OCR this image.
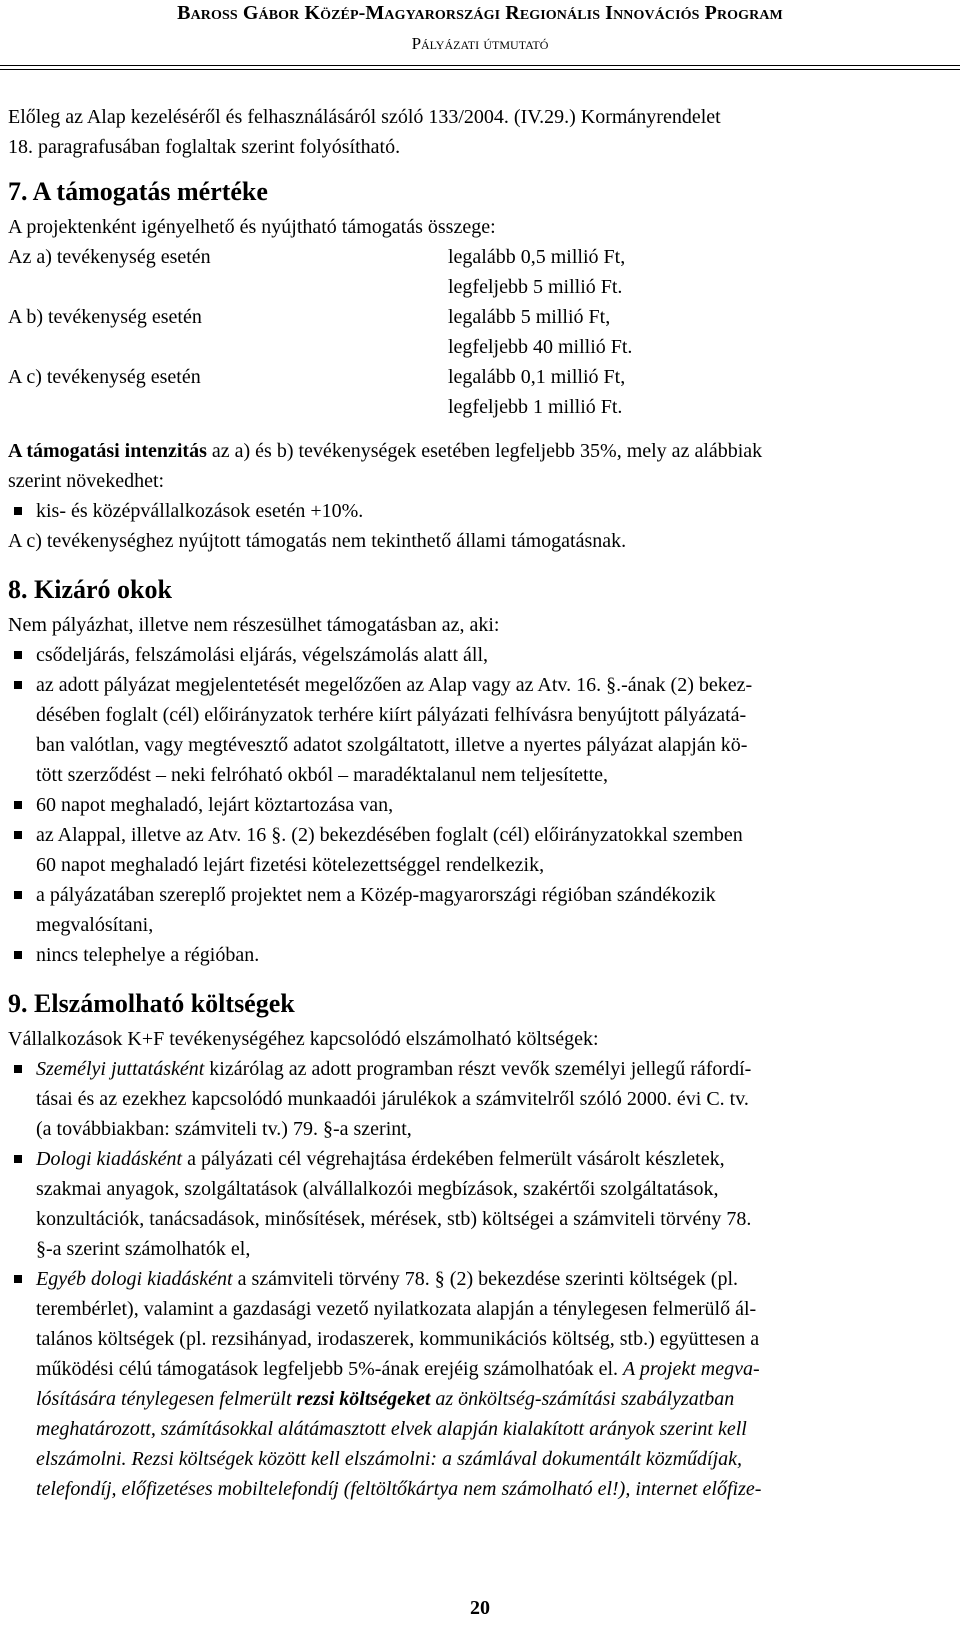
Baross Gábor Közép-Magyarországi Regionális Innovációs Program
Pályázati útmutató
Előleg az Alap kezeléséről és felhasználásáról szóló 133/2004. (IV.29.) Kormányrendelet
18. paragrafusában foglaltak szerint folyósítható.
7. A támogatás mértéke
A projektenként igényelhető és nyújtható támogatás összege:
Az a) tevékenység esetén	legalább 0,5 millió Ft,
legfeljebb 5 millió Ft.
A b) tevékenység esetén	legalább 5 millió Ft,
legfeljebb 40 millió Ft.
A c) tevékenység esetén	legalább 0,1 millió Ft,
legfeljebb 1 millió Ft.
A támogatási intenzitás az a) és b) tevékenységek esetében legfeljebb 35%, mely az alábbiak
szerint növekedhet:
kis- és középvállalkozások esetén +10%.
A c) tevékenységhez nyújtott támogatás nem tekinthető állami támogatásnak.
8. Kizáró okok
Nem pályázhat, illetve nem részesülhet támogatásban az, aki:
csődeljárás, felszámolási eljárás, végelszámolás alatt áll,
az adott pályázat megjelentetését megelőzően az Alap vagy az Atv. 16. §.-ának (2) bekez-
désében foglalt (cél) előirányzatok terhére kiírt pályázati felhívásra benyújtott pályázatá-
ban valótlan, vagy megtévesztő adatot szolgáltatott, illetve a nyertes pályázat alapján kö-
tött szerződést – neki felróható okból – maradéktalanul nem teljesítette,
60 napot meghaladó, lejárt köztartozása van,
az Alappal, illetve az Atv. 16 §. (2) bekezdésében foglalt (cél) előirányzatokkal szemben
60 napot meghaladó lejárt fizetési kötelezettséggel rendelkezik,
a pályázatában szereplő projektet nem a Közép-magyarországi régióban szándékozik
megvalósítani,
nincs telephelye a régióban.
9. Elszámolható költségek
Vállalkozások K+F tevékenységéhez kapcsolódó elszámolható költségek:
Személyi juttatásként kizárólag az adott programban részt vevők személyi jellegű ráfordí-
tásai és az ezekhez kapcsolódó munkaadói járulékok a számvitelről szóló 2000. évi C. tv.
(a továbbiakban: számviteli tv.) 79. §-a szerint,
Dologi kiadásként a pályázati cél végrehajtása érdekében felmerült vásárolt készletek,
szakmai anyagok, szolgáltatások (alvállalkozói megbízások, szakértői szolgáltatások,
konzultációk, tanácsadások, minősítések, mérések, stb) költségei a számviteli törvény 78.
§-a szerint számolhatók el,
Egyéb dologi kiadásként a számviteli törvény 78. § (2) bekezdése szerinti költségek (pl.
terembérlet), valamint a gazdasági vezető nyilatkozata alapján a ténylegesen felmerülő ál-
talános költségek (pl. rezsihányad, irodaszerek, kommunikációs költség, stb.) együttesen a
működési célú támogatások legfeljebb 5%-ának erejéig számolhatóak el. A projekt megva-
lósítására ténylegesen felmerült rezsi költségeket az önköltség-számítási szabályzatban
meghatározott, számításokkal alátámasztott elvek alapján kialakított arányok szerint kell
elszámolni. Rezsi költségek között kell elszámolni: a számlával dokumentált közműdíjak,
telefondíj, előfizetéses mobiltelefondíj (feltöltőkártya nem számolható el!), internet előfize-
20
